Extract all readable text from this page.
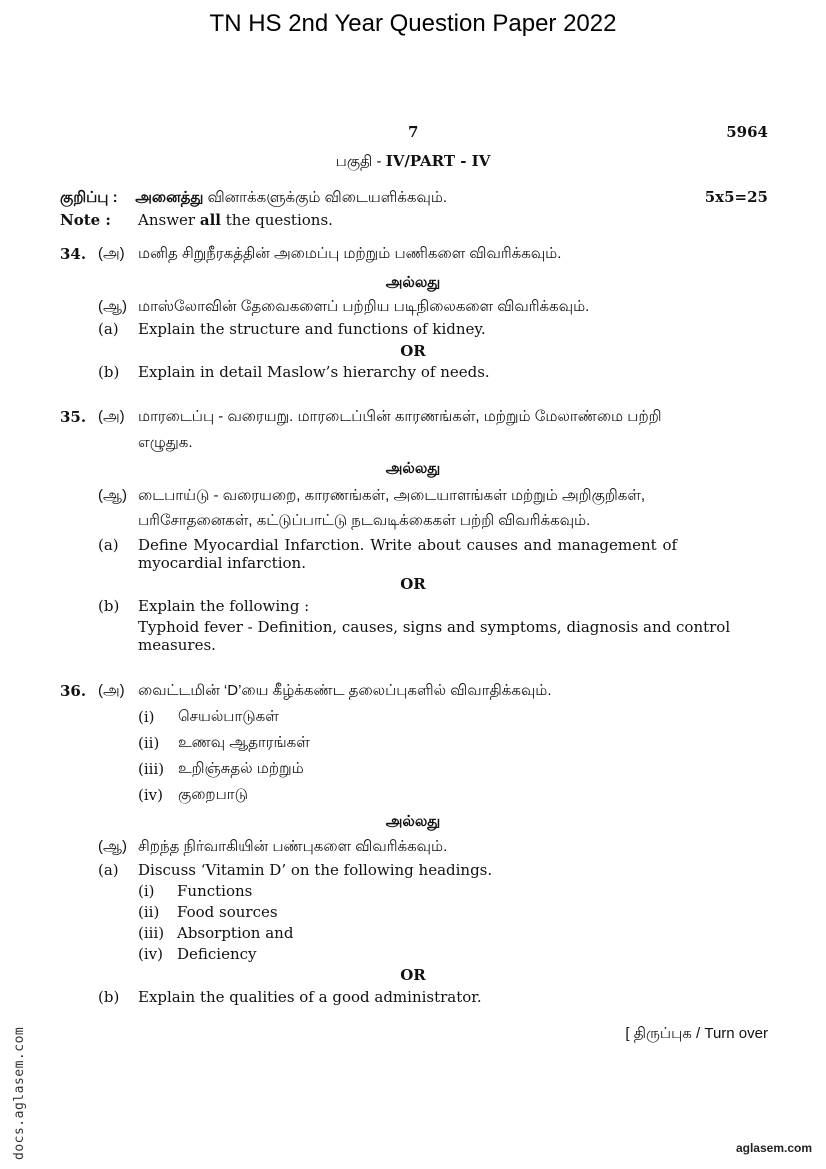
TN HS 2nd Year Question Paper 2022
7	5964
பகுதி - IV/PART - IV
குறிப்பு : அனைத்து வினாக்களுக்கும் விடையளிக்கவும்.	5x5=25
Note : Answer all the questions.
34. (அ) மனித சிறுநீரகத்தின் அமைப்பு மற்றும் பணிகளை விவரிக்கவும்.
அல்லது
(ஆ) மாஸ்லோவின் தேவைகளைப் பற்றிய படிநிலைகளை விவரிக்கவும்.
(a) Explain the structure and functions of kidney.
OR
(b) Explain in detail Maslow’s hierarchy of needs.
35. (அ) மாரடைப்பு - வரையறு. மாரடைப்பின் காரணங்கள், மற்றும் மேலாண்மை பற்றி
எழுதுக.
அல்லது
(ஆ) டைபாய்டு - வரையறை, காரணங்கள், அடையாளங்கள் மற்றும் அறிகுறிகள்,
பரிசோதனைகள், கட்டுப்பாட்டு நடவடிக்கைகள் பற்றி விவரிக்கவும்.
(a) Define Myocardial Infarction. Write about causes and management of
myocardial infarction.
OR
(b) Explain the following :
Typhoid fever - Definition, causes, signs and symptoms, diagnosis and control
measures.
36. (அ) வைட்டமின் ‘D’யை கீழ்க்கண்ட தலைப்புகளில் விவாதிக்கவும்.
(i) செயல்பாடுகள்
(ii) உணவு ஆதாரங்கள்
(iii) உறிஞ்சுதல் மற்றும்
(iv) குறைபாடு
அல்லது
(ஆ) சிறந்த நிர்வாகியின் பண்புகளை விவரிக்கவும்.
(a) Discuss ‘Vitamin D’ on the following headings.
(i) Functions
(ii) Food sources
(iii) Absorption and
(iv) Deficiency
OR
(b) Explain the qualities of a good administrator.
[ திருப்புக / Turn over
docs.aglasem.com	aglasem.com
